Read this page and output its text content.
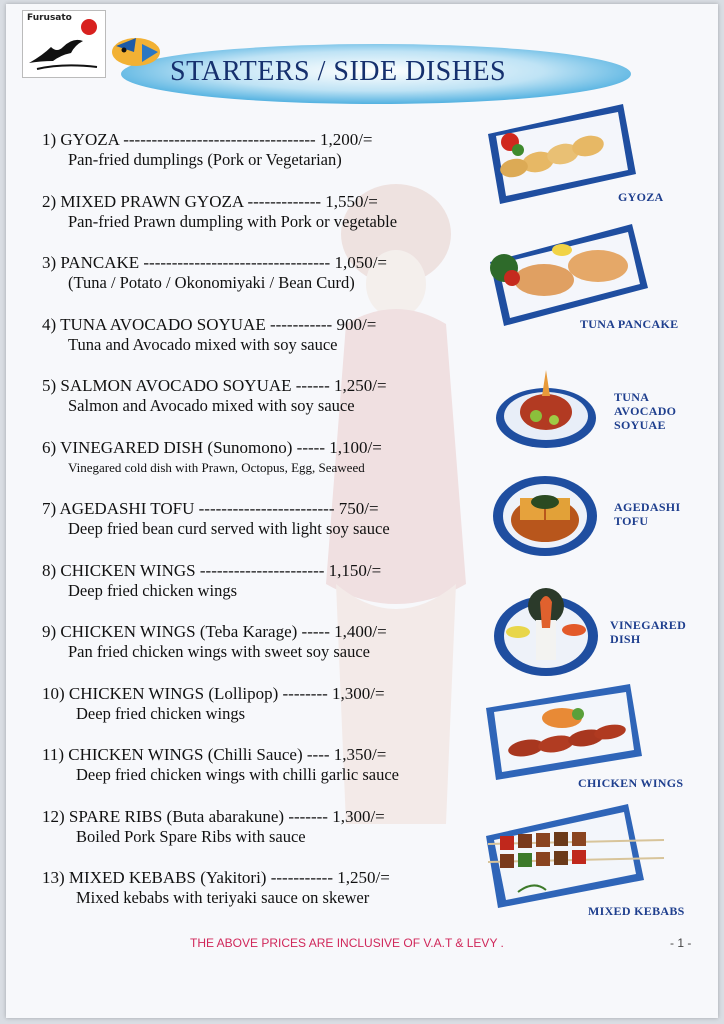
Furusato
STARTERS / SIDE DISHES
1) GYOZA ---------------------------------- 1,200/=
Pan-fried dumplings (Pork or Vegetarian)
2) MIXED PRAWN GYOZA ------------- 1,550/=
Pan-fried Prawn dumpling with Pork or vegetable
3) PANCAKE --------------------------------- 1,050/=
(Tuna / Potato / Okonomiyaki / Bean Curd)
4) TUNA AVOCADO SOYUAE ----------- 900/=
Tuna and Avocado mixed with soy sauce
5) SALMON AVOCADO SOYUAE ------ 1,250/=
Salmon and Avocado mixed with soy sauce
6) VINEGARED DISH (Sunomono) ----- 1,100/=
Vinegared cold dish with Prawn, Octopus, Egg, Seaweed
7) AGEDASHI TOFU ------------------------ 750/=
Deep fried bean curd served with light soy sauce
8) CHICKEN WINGS ---------------------- 1,150/=
Deep fried chicken wings
9) CHICKEN WINGS (Teba Karage) ----- 1,400/=
Pan fried chicken wings with sweet soy sauce
10) CHICKEN WINGS (Lollipop) -------- 1,300/=
Deep fried chicken wings
11) CHICKEN WINGS (Chilli Sauce) ---- 1,350/=
Deep fried chicken wings with chilli garlic sauce
12) SPARE RIBS (Buta abarakune) ------- 1,300/=
Boiled Pork Spare Ribs with sauce
13) MIXED KEBABS (Yakitori) ----------- 1,250/=
Mixed kebabs with teriyaki sauce on skewer
GYOZA
TUNA PANCAKE
TUNA
AVOCADO
SOYUAE
AGEDASHI
TOFU
VINEGARED
DISH
CHICKEN WINGS
MIXED KEBABS
THE ABOVE PRICES ARE INCLUSIVE OF V.A.T & LEVY .	- 1 -
